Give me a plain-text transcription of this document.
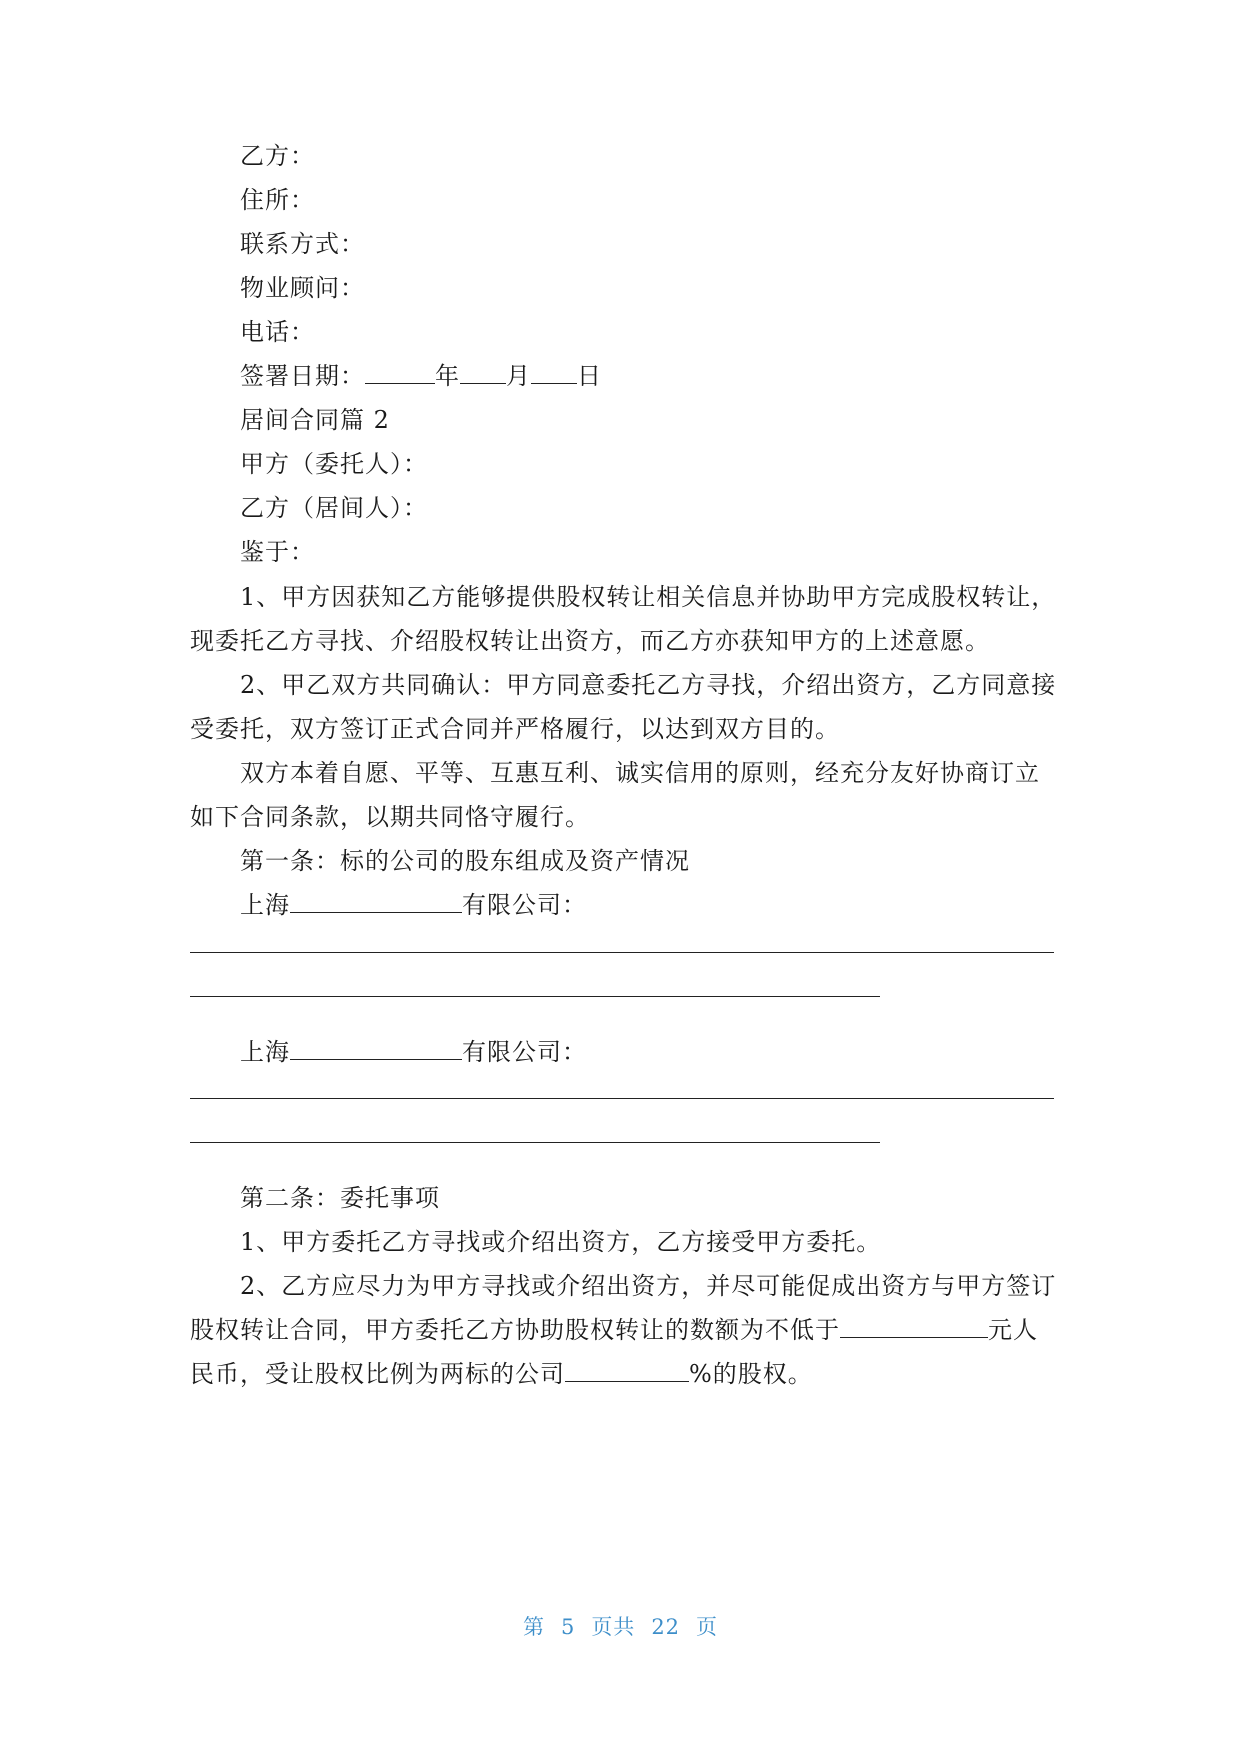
乙方：
住所：
联系方式：
物业顾问：
电话：
签署日期：	年 月 日
居间合同篇 2
甲方（委托人）：
乙方（居间人）：
鉴于：
1、甲方因获知乙方能够提供股权转让相关信息并协助甲方完成股权转让，
现委托乙方寻找、介绍股权转让出资方，而乙方亦获知甲方的上述意愿。
2、甲乙双方共同确认：甲方同意委托乙方寻找，介绍出资方，乙方同意接
受委托，双方签订正式合同并严格履行，以达到双方目的。
双方本着自愿、平等、互惠互利、诚实信用的原则，经充分友好协商订立
如下合同条款，以期共同恪守履行。
第一条：标的公司的股东组成及资产情况
上海	有限公司：
上海	有限公司：
第二条：委托事项
1、甲方委托乙方寻找或介绍出资方，乙方接受甲方委托。
2、乙方应尽力为甲方寻找或介绍出资方，并尽可能促成出资方与甲方签订
股权转让合同，甲方委托乙方协助股权转让的数额为不低于	元人
民币，受让股权比例为两标的公司	%的股权。
第 5 页共 22 页
